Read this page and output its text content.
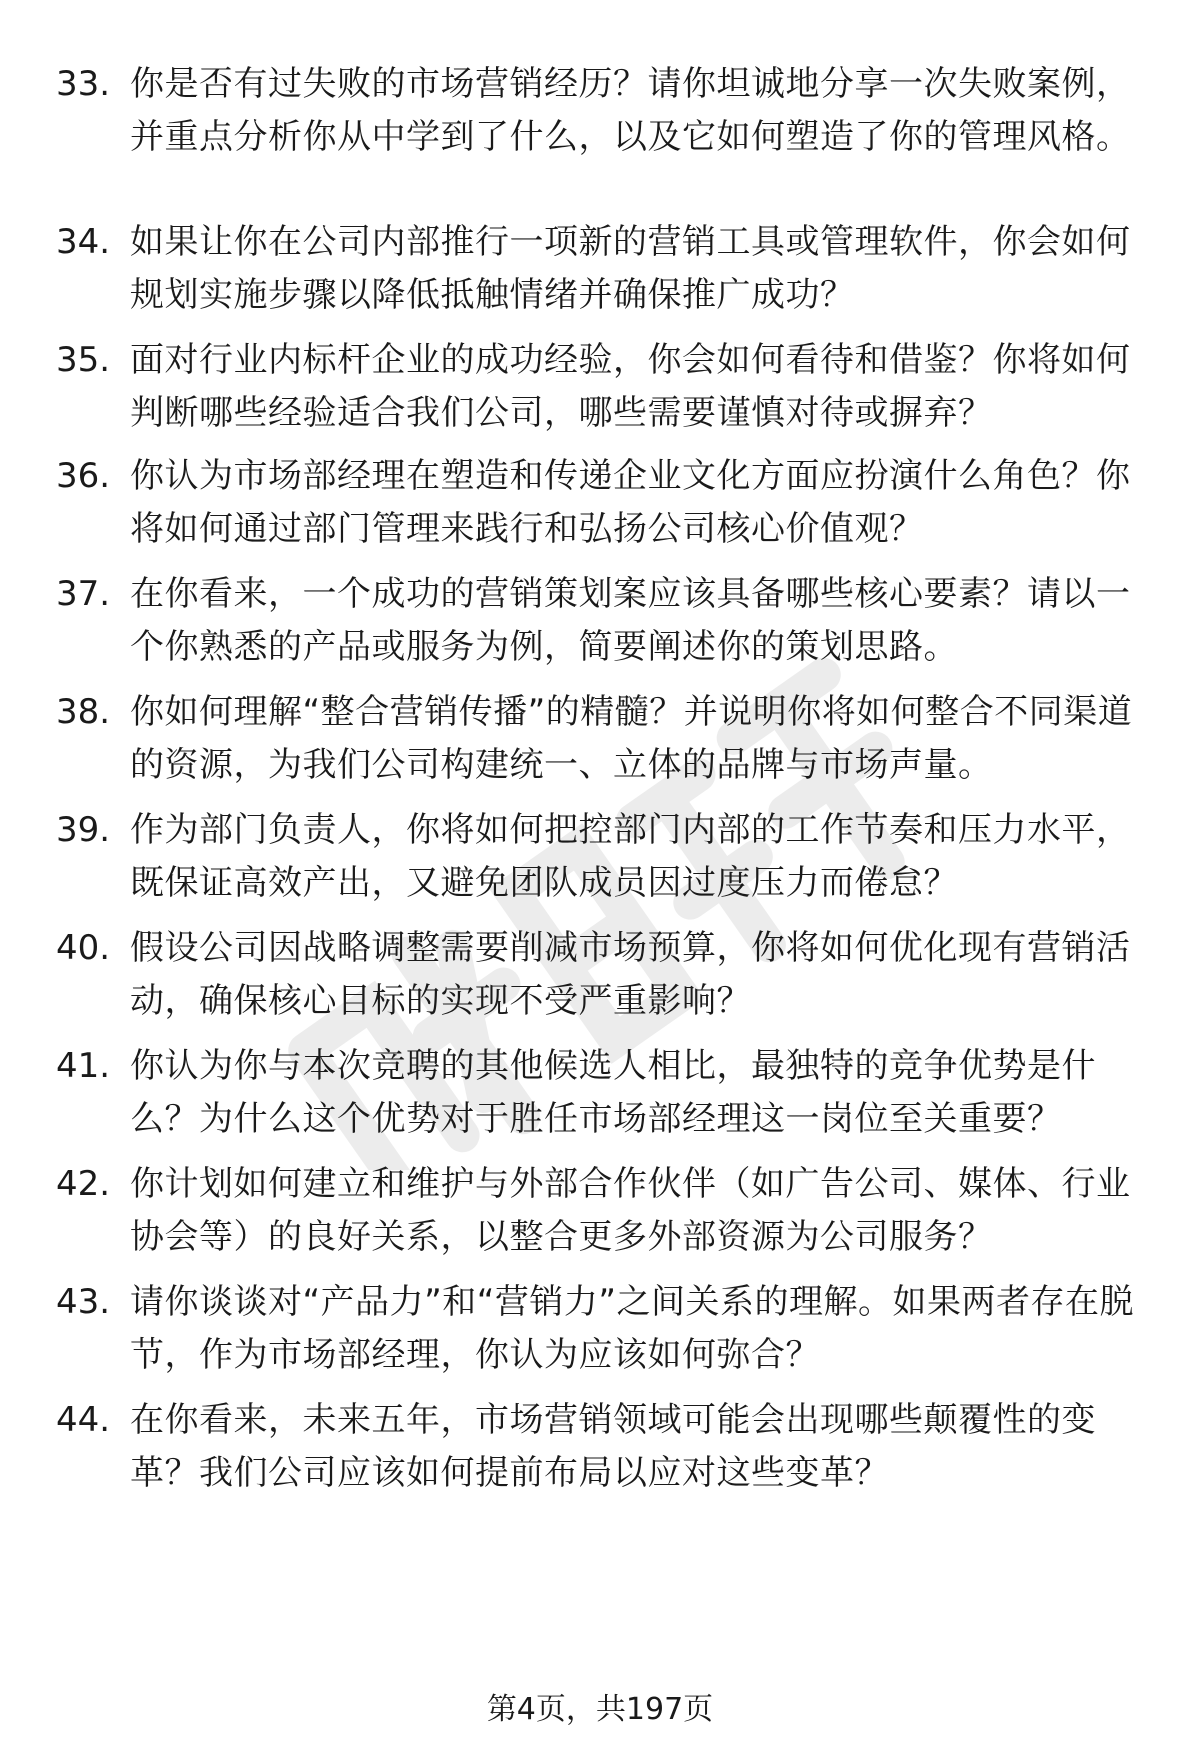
33. 你是否有过失败的市场营销经历？请你坦诚地分享一次失败案例，并重点分析你从中学到了什么，以及它如何塑造了你的管理风格。
34. 如果让你在公司内部推行一项新的营销工具或管理软件，你会如何规划实施步骤以降低抵触情绪并确保推广成功？
35. 面对行业内标杆企业的成功经验，你会如何看待和借鉴？你将如何判断哪些经验适合我们公司，哪些需要谨慎对待或摒弃？
36. 你认为市场部经理在塑造和传递企业文化方面应扮演什么角色？你将如何通过部门管理来践行和弘扬公司核心价值观？
37. 在你看来，一个成功的营销策划案应该具备哪些核心要素？请以一个你熟悉的产品或服务为例，简要阐述你的策划思路。
38. 你如何理解“整合营销传播”的精髓？并说明你将如何整合不同渠道的资源，为我们公司构建统一、立体的品牌与市场声量。
39. 作为部门负责人，你将如何把控部门内部的工作节奏和压力水平，既保证高效产出，又避免团队成员因过度压力而倦怠？
40. 假设公司因战略调整需要削减市场预算，你将如何优化现有营销活动，确保核心目标的实现不受严重影响？
41. 你认为你与本次竞聘的其他候选人相比，最独特的竞争优势是什么？为什么这个优势对于胜任市场部经理这一岗位至关重要？
42. 你计划如何建立和维护与外部合作伙伴（如广告公司、媒体、行业协会等）的良好关系，以整合更多外部资源为公司服务？
43. 请你谈谈对“产品力”和“营销力”之间关系的理解。如果两者存在脱节，作为市场部经理，你认为应该如何弥合？
44. 在你看来，未来五年，市场营销领域可能会出现哪些颠覆性的变革？我们公司应该如何提前布局以应对这些变革？
第4页，共197页
